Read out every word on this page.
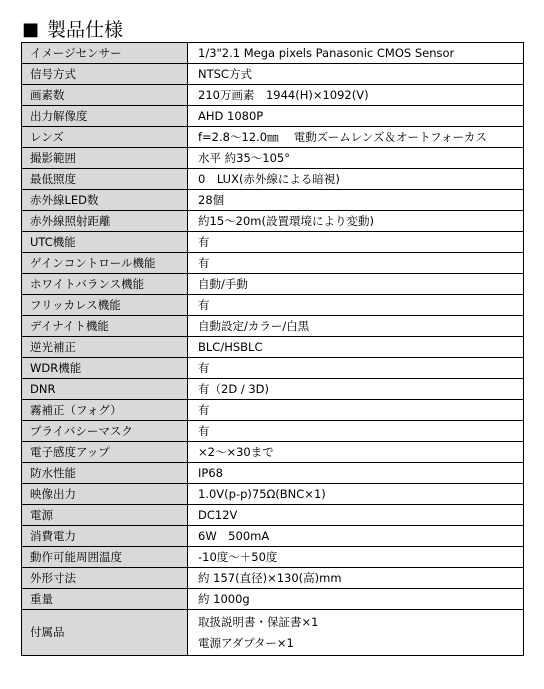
■ 製品仕様
イメージセンサー	1/3"2.1 Mega pixels Panasonic CMOS Sensor
信号方式	NTSC方式
画素数	210万画素　1944(H)×1092(V)
出力解像度	AHD 1080P
レンズ	f=2.8～12.0㎜　 電動ズームレンズ＆オートフォーカス
撮影範囲	水平 約35～105°
最低照度	0　LUX(赤外線による暗視)
赤外線LED数	28個
赤外線照射距離	約15～20m(設置環境により変動)
UTC機能	有
ゲインコントロール機能	有
ホワイトバランス機能	自動/手動
フリッカレス機能	有
デイナイト機能	自動設定/カラー/白黒
逆光補正	BLC/HSBLC
WDR機能	有
DNR	有（2D / 3D)
霧補正（フォグ）	有
プライバシーマスク	有
電子感度アップ	×2～×30まで
防水性能	IP68
映像出力	1.0V(p-p)75Ω(BNC×1)
電源	DC12V
消費電力	6W　500mA
動作可能周囲温度	-10度～＋50度
外形寸法	約 157(直径)×130(高)mm
重量	約 1000g
付属品	取扱説明書・保証書×1
電源アダプター×1
